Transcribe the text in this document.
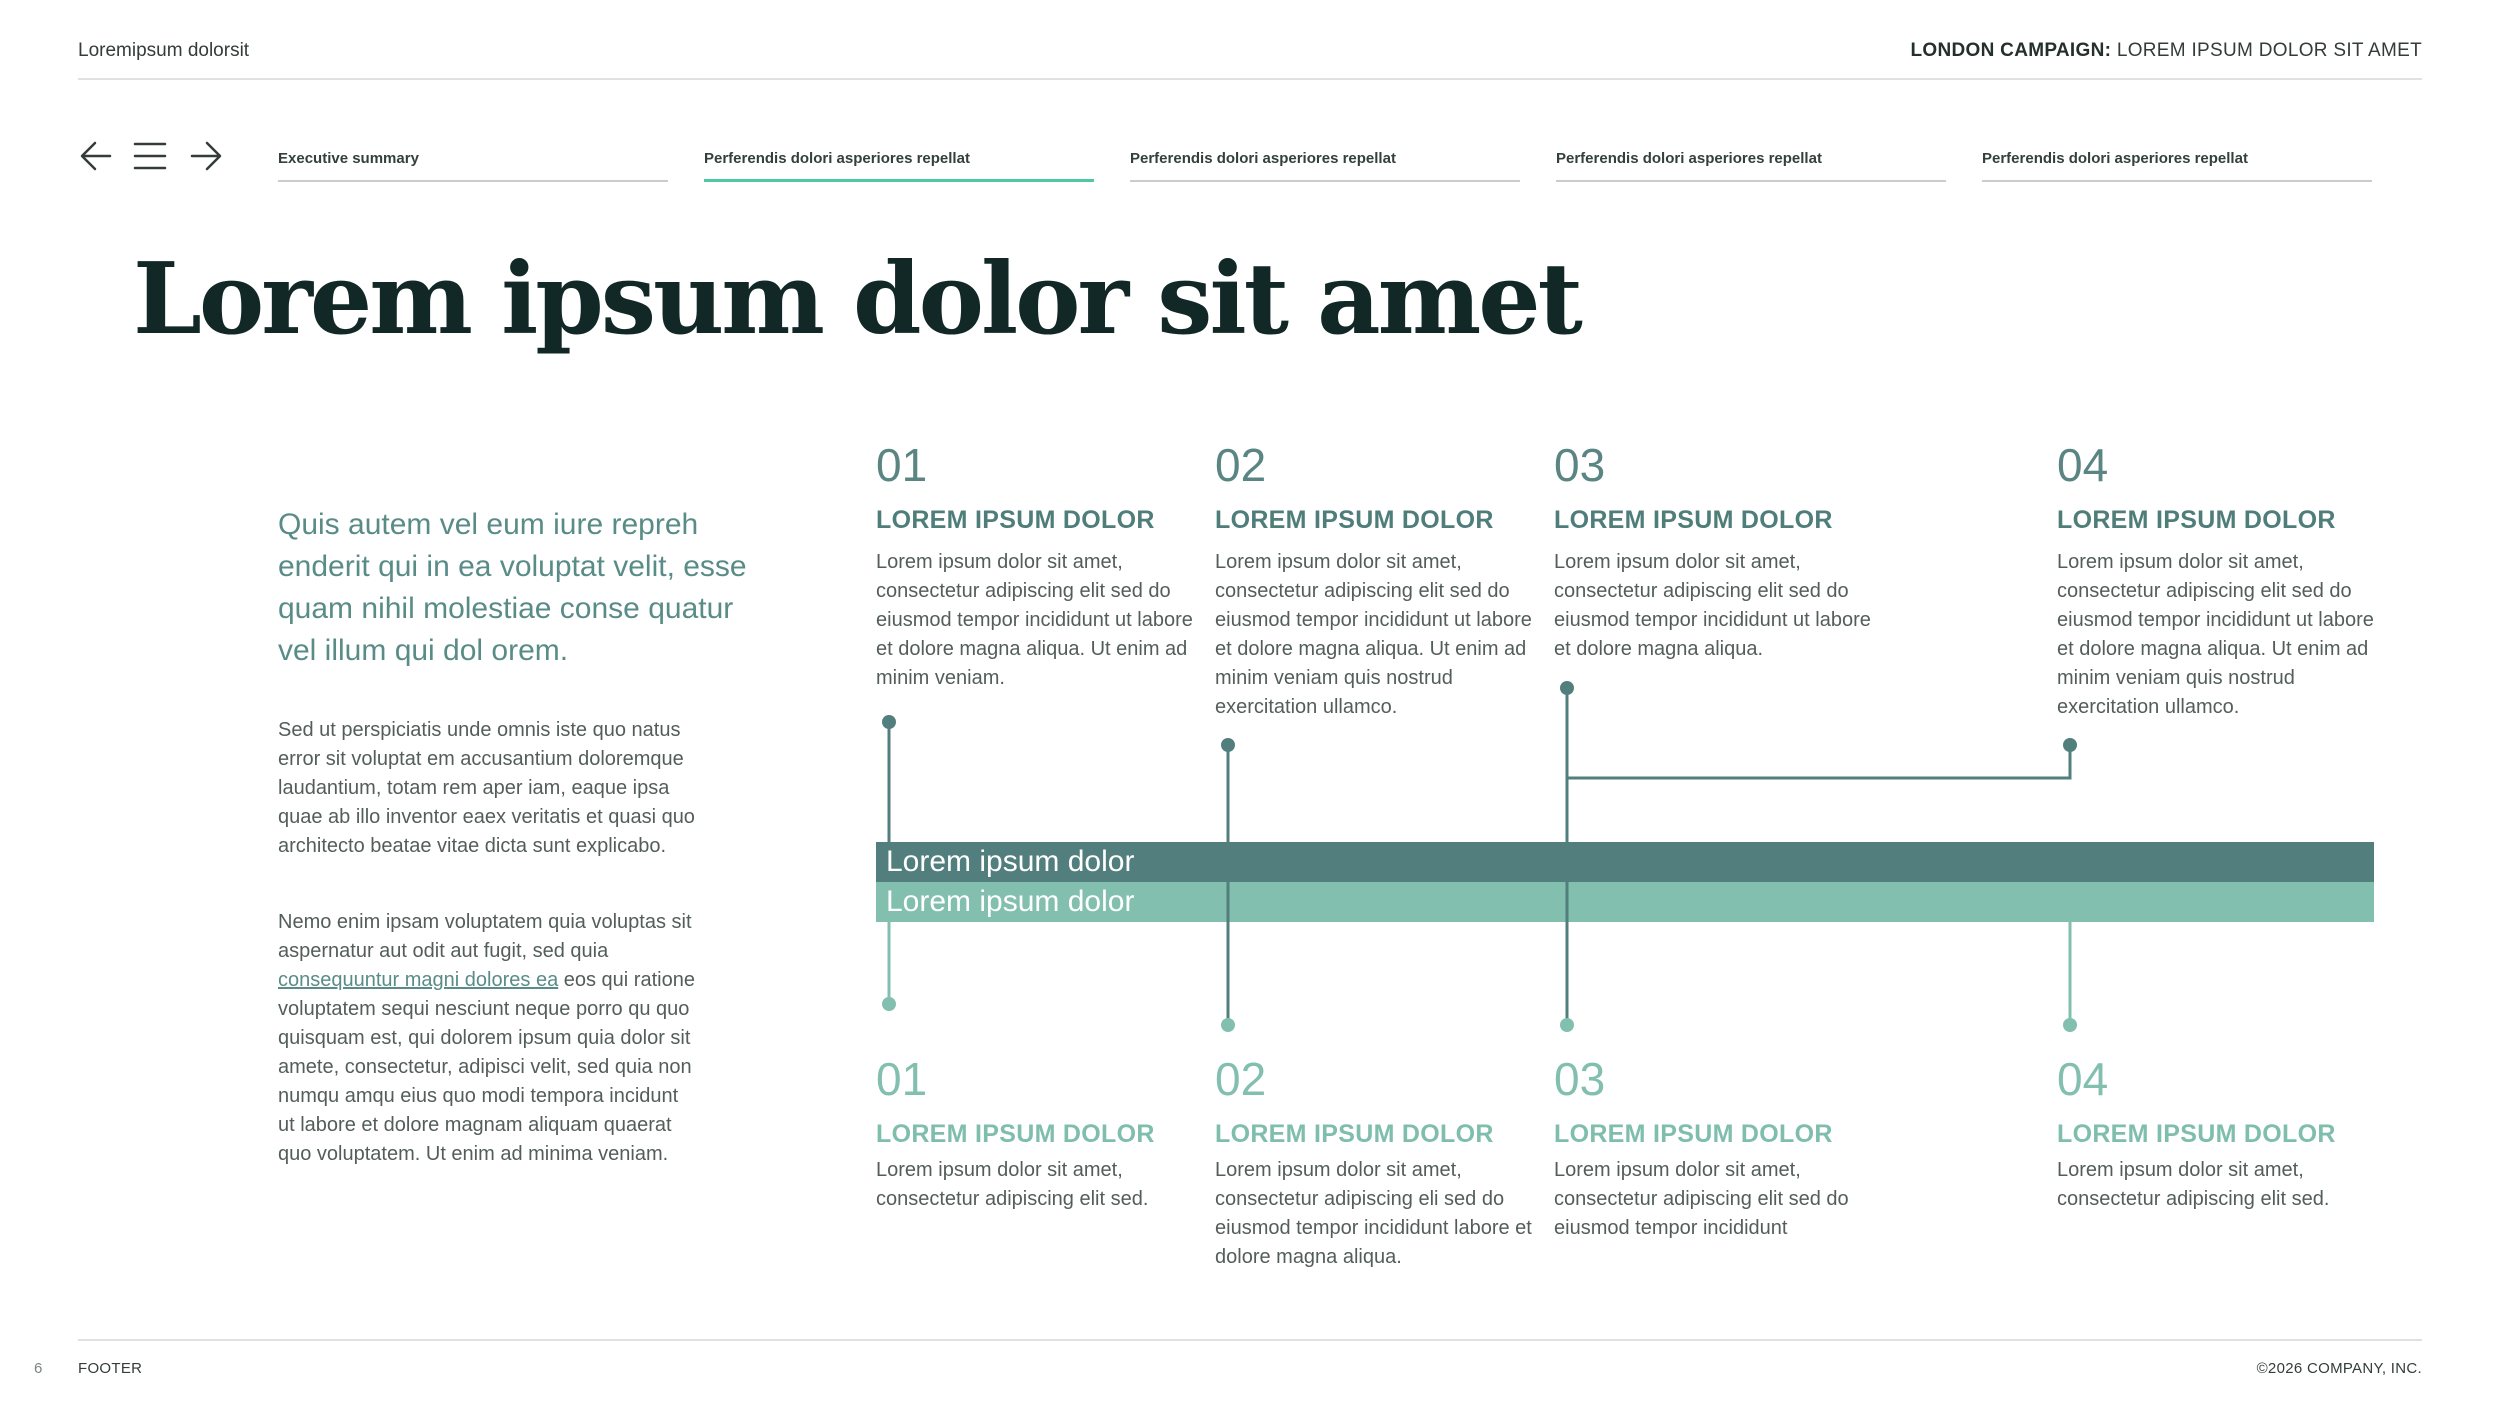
Loremipsum dolorsit	LONDON CAMPAIGN: LOREM IPSUM DOLOR SIT AMET
Executive summary	Perferendis dolori asperiores repellat	Perferendis dolori asperiores repellat	Perferendis dolori asperiores repellat	Perferendis dolori asperiores repellat
Lorem ipsum dolor sit amet
Quis autem vel eum iure repreh enderit qui in ea voluptat velit, esse quam nihil molestiae conse quatur vel illum qui dol orem.
Sed ut perspiciatis unde omnis iste quo natus error sit voluptat em accusantium doloremque laudantium, totam rem aper iam, eaque ipsa quae ab illo inventor eaex veritatis et quasi quo architecto beatae vitae dicta sunt explicabo.
Nemo enim ipsam voluptatem quia voluptas sit aspernatur aut odit aut fugit, sed quia consequuntur magni dolores ea eos qui ratione voluptatem sequi nesciunt neque porro qu quo quisquam est, qui dolorem ipsum quia dolor sit amete, consectetur, adipisci velit, sed quia non numqu amqu eius quo modi tempora incidunt ut labore et dolore magnam aliquam quaerat quo voluptatem. Ut enim ad minima veniam.
Lorem ipsum dolor
Lorem ipsum dolor
01
LOREM IPSUM DOLOR
Lorem ipsum dolor sit amet, consectetur adipiscing elit sed do eiusmod tempor incididunt ut labore et dolore magna aliqua. Ut enim ad minim veniam.
02
LOREM IPSUM DOLOR
Lorem ipsum dolor sit amet, consectetur adipiscing elit sed do eiusmod tempor incididunt ut labore et dolore magna aliqua. Ut enim ad minim veniam quis nostrud exercitation ullamco.
03
LOREM IPSUM DOLOR
Lorem ipsum dolor sit amet, consectetur adipiscing elit sed do eiusmod tempor incididunt ut labore et dolore magna aliqua.
04
LOREM IPSUM DOLOR
Lorem ipsum dolor sit amet, consectetur adipiscing elit sed do eiusmod tempor incididunt ut labore et dolore magna aliqua. Ut enim ad minim veniam quis nostrud exercitation ullamco.
01
LOREM IPSUM DOLOR
Lorem ipsum dolor sit amet, consectetur adipiscing elit sed.
02
LOREM IPSUM DOLOR
Lorem ipsum dolor sit amet, consectetur adipiscing eli sed do eiusmod tempor incididunt labore et dolore magna aliqua.
03
LOREM IPSUM DOLOR
Lorem ipsum dolor sit amet, consectetur adipiscing elit sed do eiusmod tempor incididunt
04
LOREM IPSUM DOLOR
Lorem ipsum dolor sit amet, consectetur adipiscing elit sed.
6 FOOTER	©2026 COMPANY, INC.
